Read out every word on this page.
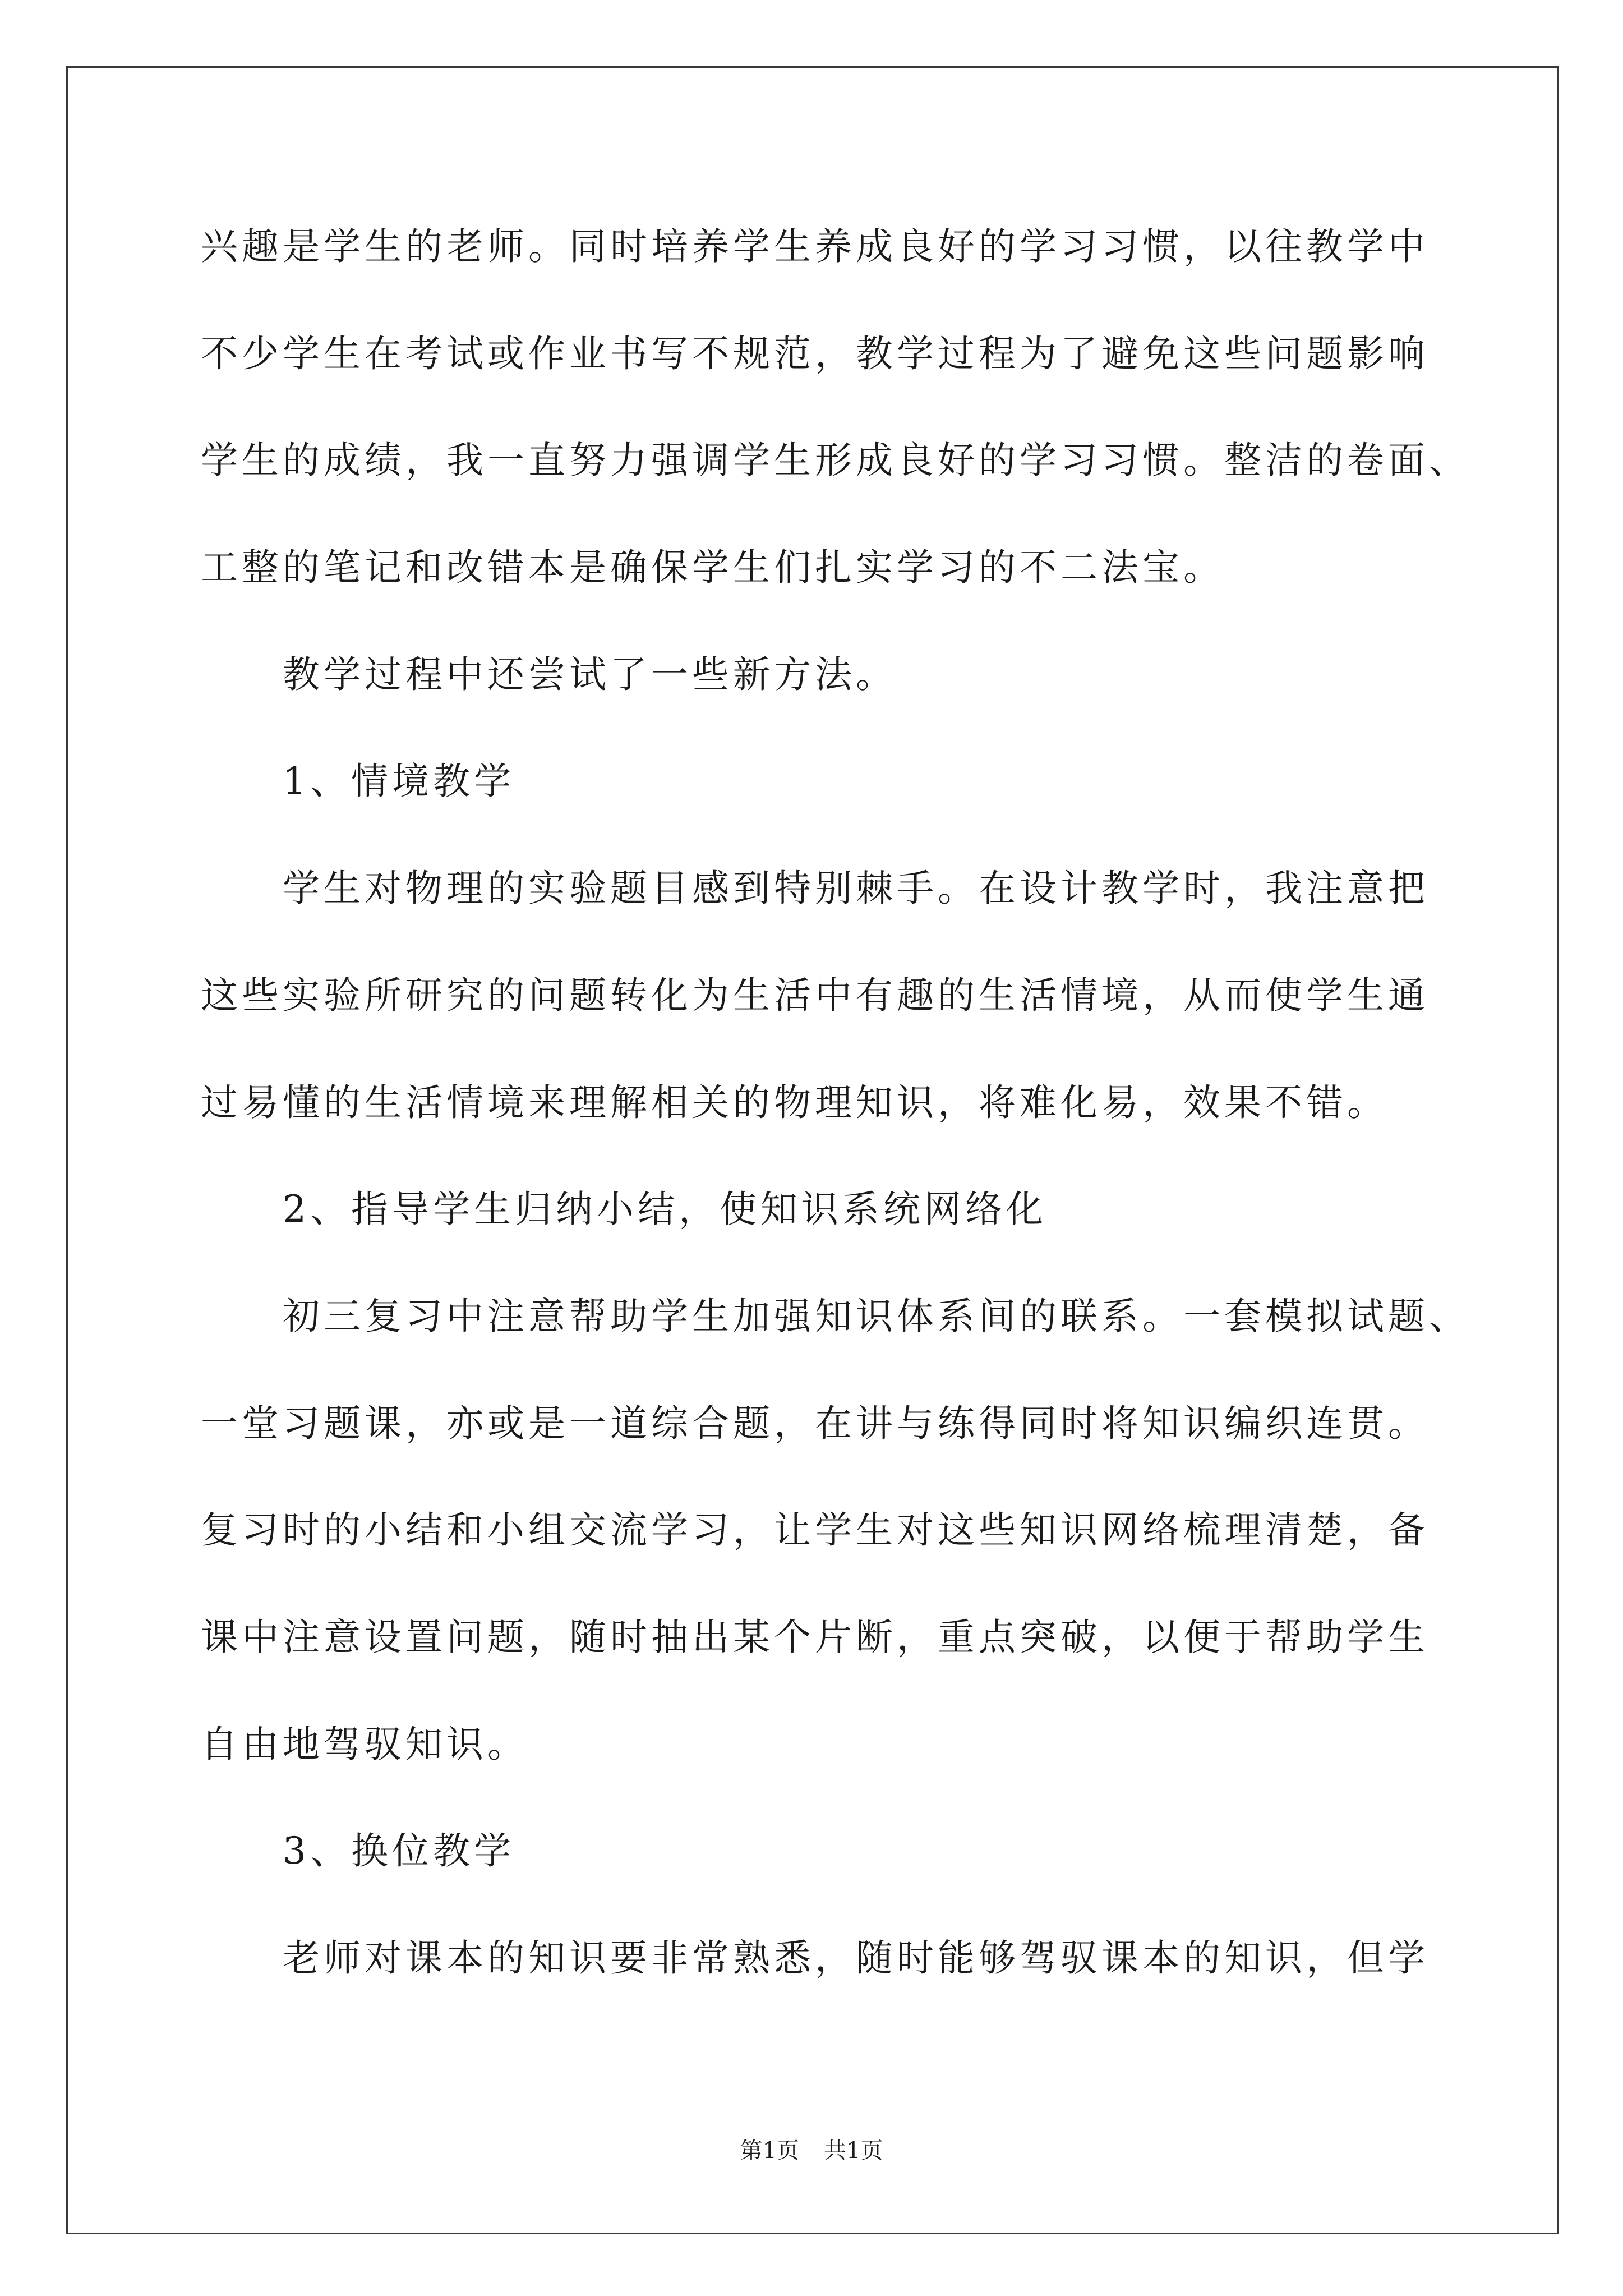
兴趣是学生的老师。同时培养学生养成良好的学习习惯，以往教学中
不少学生在考试或作业书写不规范，教学过程为了避免这些问题影响
学生的成绩，我一直努力强调学生形成良好的学习习惯。整洁的卷面、
工整的笔记和改错本是确保学生们扎实学习的不二法宝。
教学过程中还尝试了一些新方法。
1、情境教学
学生对物理的实验题目感到特别棘手。在设计教学时，我注意把
这些实验所研究的问题转化为生活中有趣的生活情境，从而使学生通
过易懂的生活情境来理解相关的物理知识，将难化易，效果不错。
2、指导学生归纳小结，使知识系统网络化
初三复习中注意帮助学生加强知识体系间的联系。一套模拟试题、
一堂习题课，亦或是一道综合题，在讲与练得同时将知识编织连贯。
复习时的小结和小组交流学习，让学生对这些知识网络梳理清楚，备
课中注意设置问题，随时抽出某个片断，重点突破，以便于帮助学生
自由地驾驭知识。
3、换位教学
老师对课本的知识要非常熟悉，随时能够驾驭课本的知识，但学
第1页 共1页
